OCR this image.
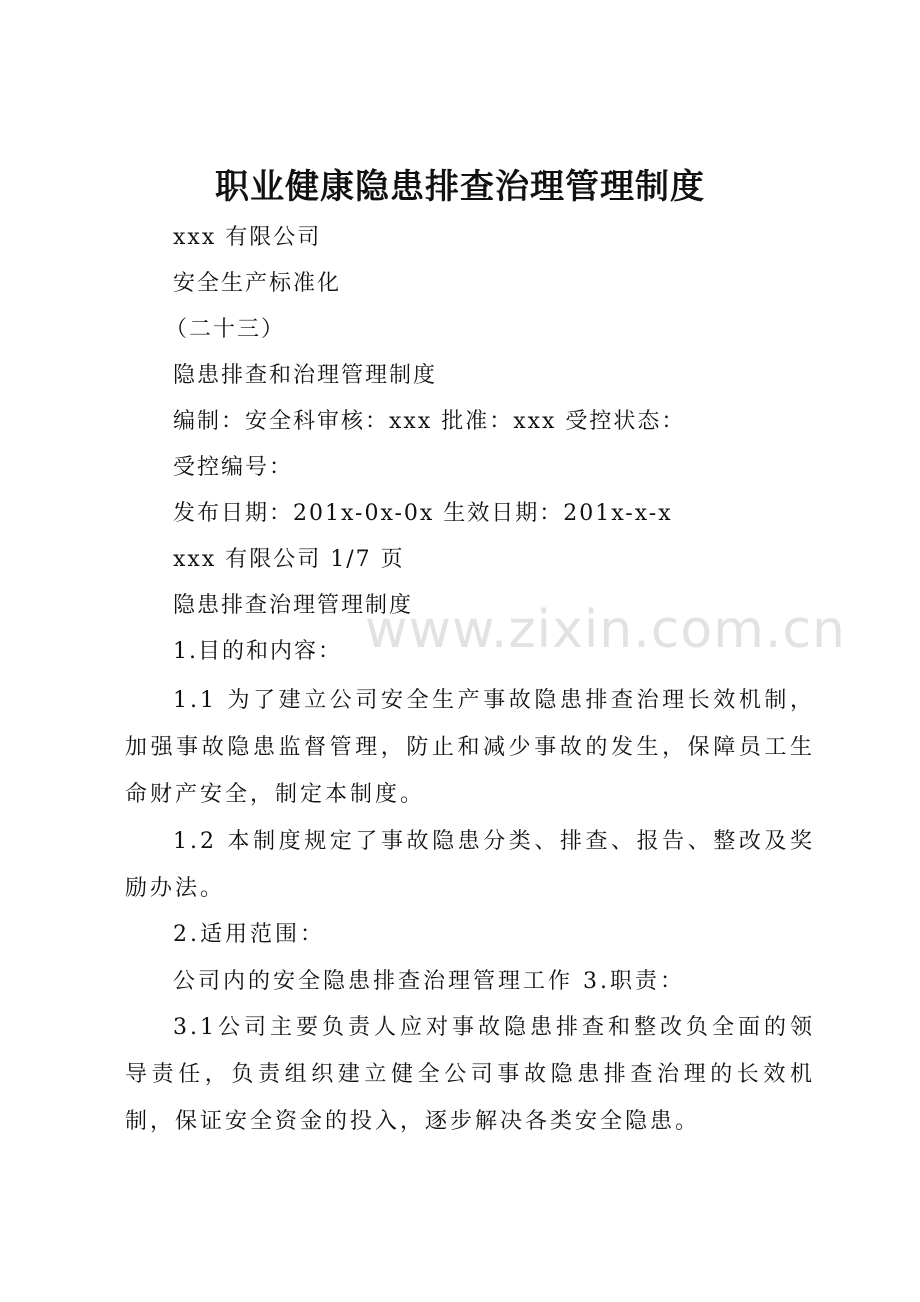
职业健康隐患排查治理管理制度
xxx 有限公司
安全生产标准化
（二十三）
隐患排查和治理管理制度
编制：安全科审核：xxx 批准：xxx 受控状态：
受控编号：
发布日期：201x-0x-0x 生效日期：201x-x-x
xxx 有限公司 1/7 页
隐患排查治理管理制度
1.目的和内容：
1.1 为了建立公司安全生产事故隐患排查治理长效机制，加强事故隐患监督管理，防止和减少事故的发生，保障员工生命财产安全，制定本制度。
1.2 本制度规定了事故隐患分类、排查、报告、整改及奖励办法。
2.适用范围：
公司内的安全隐患排查治理管理工作 3.职责：
3.1公司主要负责人应对事故隐患排查和整改负全面的领导责任，负责组织建立健全公司事故隐患排查治理的长效机制，保证安全资金的投入，逐步解决各类安全隐患。
www.zixin.com.cn
